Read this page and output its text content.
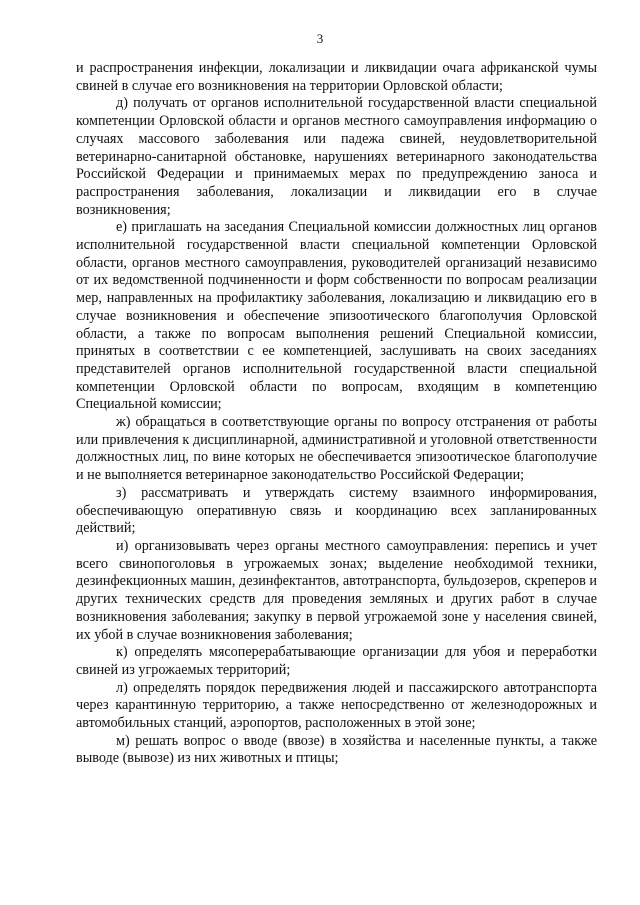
3

и распространения инфекции, локализации и ликвидации очага африканской чумы свиней в случае его возникновения на территории Орловской области;

д) получать от органов исполнительной государственной власти специальной компетенции Орловской области и органов местного самоуправления информацию о случаях массового заболевания или падежа свиней, неудовлетворительной ветеринарно-санитарной обстановке, нарушениях ветеринарного законодательства Российской Федерации и принимаемых мерах по предупреждению заноса и распространения заболевания, локализации и ликвидации его в случае возникновения;

е) приглашать на заседания Специальной комиссии должностных лиц органов исполнительной государственной власти специальной компетенции Орловской области, органов местного самоуправления, руководителей организаций независимо от их ведомственной подчиненности и форм собственности по вопросам реализации мер, направленных на профилактику заболевания, локализацию и ликвидацию его в случае возникновения и обеспечение эпизоотического благополучия Орловской области, а также по вопросам выполнения решений Специальной комиссии, принятых в соответствии с ее компетенцией, заслушивать на своих заседаниях представителей органов исполнительной государственной власти специальной компетенции Орловской области по вопросам, входящим в компетенцию Специальной комиссии;

ж) обращаться в соответствующие органы по вопросу отстранения от работы или привлечения к дисциплинарной, административной и уголовной ответственности должностных лиц, по вине которых не обеспечивается эпизоотическое благополучие и не выполняется ветеринарное законодательство Российской Федерации;

з) рассматривать и утверждать систему взаимного информирования, обеспечивающую оперативную связь и координацию всех запланированных действий;

и) организовывать через органы местного самоуправления: перепись и учет всего свинопоголовья в угрожаемых зонах; выделение необходимой техники, дезинфекционных машин, дезинфектантов, автотранспорта, бульдозеров, скреперов и других технических средств для проведения земляных и других работ в случае возникновения заболевания; закупку в первой угрожаемой зоне у населения свиней, их убой в случае возникновения заболевания;

к) определять мясоперерабатывающие организации для убоя и переработки свиней из угрожаемых территорий;

л) определять порядок передвижения людей и пассажирского автотранспорта через карантинную территорию, а также непосредственно от железнодорожных и автомобильных станций, аэропортов, расположенных в этой зоне;

м) решать вопрос о вводе (ввозе) в хозяйства и населенные пункты, а также выводе (вывозе) из них животных и птицы;
